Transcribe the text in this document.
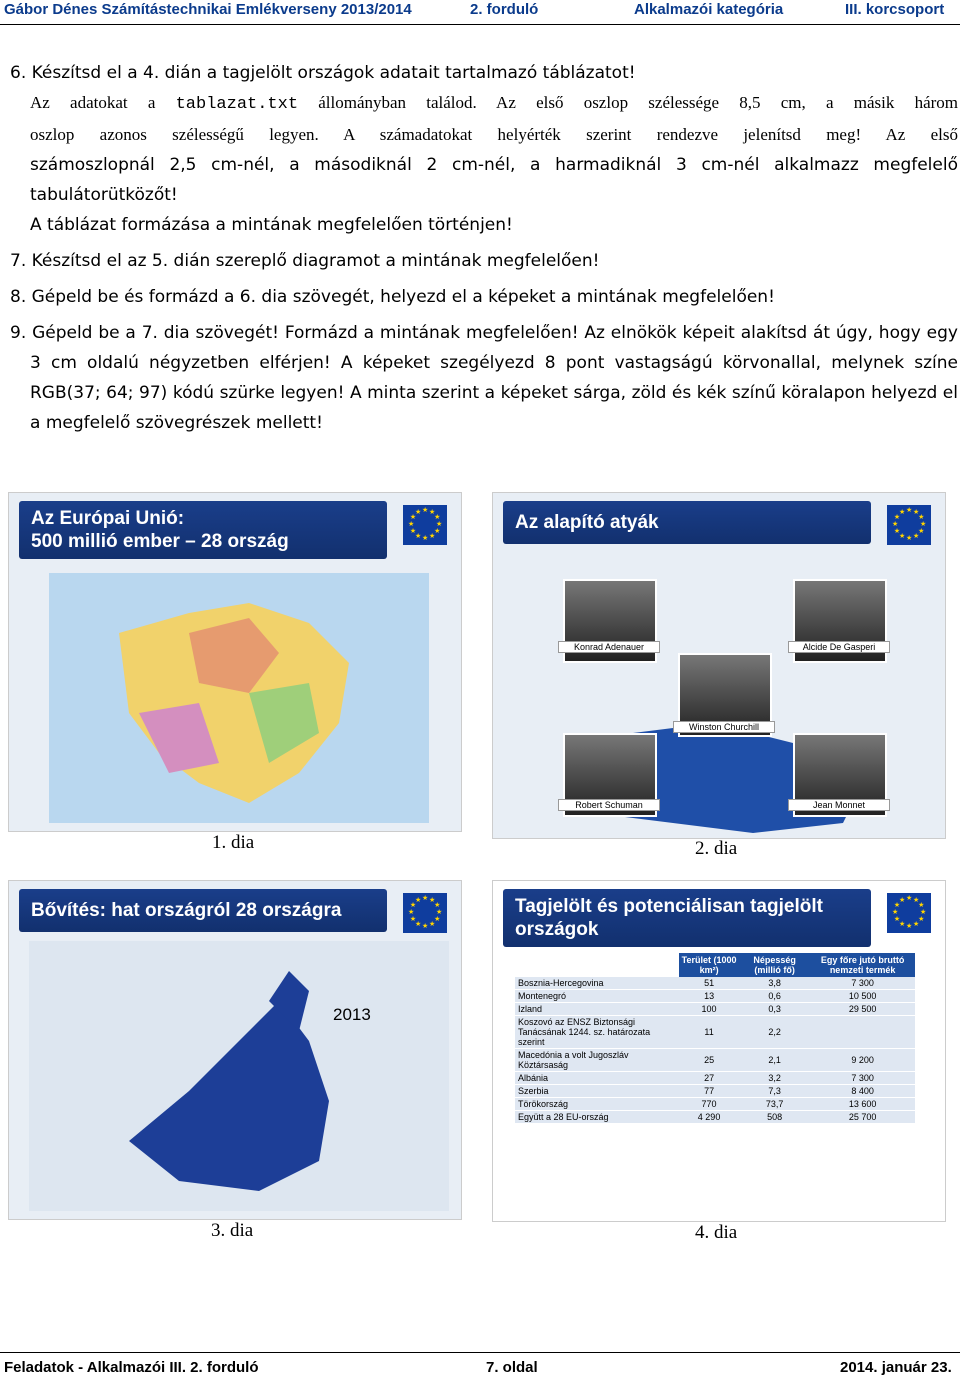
Gábor Dénes Számítástechnikai Emlékverseny 2013/2014	2. forduló	Alkalmazói kategória	III. korcsoport

6. Készítsd el a 4. dián a tagjelölt országok adatait tartalmazó táblázatot!

Az adatokat a tablazat.txt állományban találod. Az első oszlop szélessége 8,5 cm, a másik három

oszlop azonos szélességű legyen. A számadatokat helyérték szerint rendezve jelenítsd meg! Az első

számoszlopnál 2,5 cm-nél, a másodiknál 2 cm-nél, a harmadiknál 3 cm-nél alkalmazz megfelelő

tabulátorütközőt!

A táblázat formázása a mintának megfelelően történjen!

7. Készítsd el az 5. dián szereplő diagramot a mintának megfelelően!

8. Gépeld be és formázd a 6. dia szövegét, helyezd el a képeket a mintának megfelelően!

9. Gépeld be a 7. dia szövegét! Formázd a mintának megfelelően! Az elnökök képeit alakítsd át úgy, hogy egy

3 cm oldalú négyzetben elférjen! A képeket szegélyezd 8 pont vastagságú körvonallal, melynek színe

RGB(37; 64; 97) kódú szürke legyen! A minta szerint a képeket sárga, zöld és kék színű köralapon helyezd el

a megfelelő szövegrészek mellett!

Az Európai Unió:
500 millió ember – 28 ország
★
★
★
★
★
★
★
★
★ ★ ★
★
1. dia
Az alapító atyák	★
★
★
★
★
★
★
★
★ ★ ★
★
Konrad Adenauer	Alcide De Gasperi
Winston Churchill
Robert Schuman	Jean Monnet
2. dia
Bővítés: hat országról 28 országra	★
★
★
★
★
★
★
★
★ ★ ★
★
2013
3. dia
Tagjelölt és potenciálisan tagjelölt
országok
★
★
★
★
★
★
★
★
★ ★ ★
★
	Terület (1000 km²)	Népesség (millió fő)	Egy főre jutó bruttó nemzeti termék
Bosznia-Hercegovina	51	3,8	7 300
Montenegró	13	0,6	10 500
Izland	100	0,3	29 500
Koszovó az ENSZ Biztonsági Tanácsának 1244. sz. határozata szerint	11	2,2	
Macedónia a volt Jugoszláv Köztársaság	25	2,1	9 200
Albánia	27	3,2	7 300
Szerbia	77	7,3	8 400
Törökország	770	73,7	13 600
Együtt a 28 EU-ország	4 290	508	25 700
4. dia
Feladatok - Alkalmazói III. 2. forduló	7. oldal	2014. január 23.
